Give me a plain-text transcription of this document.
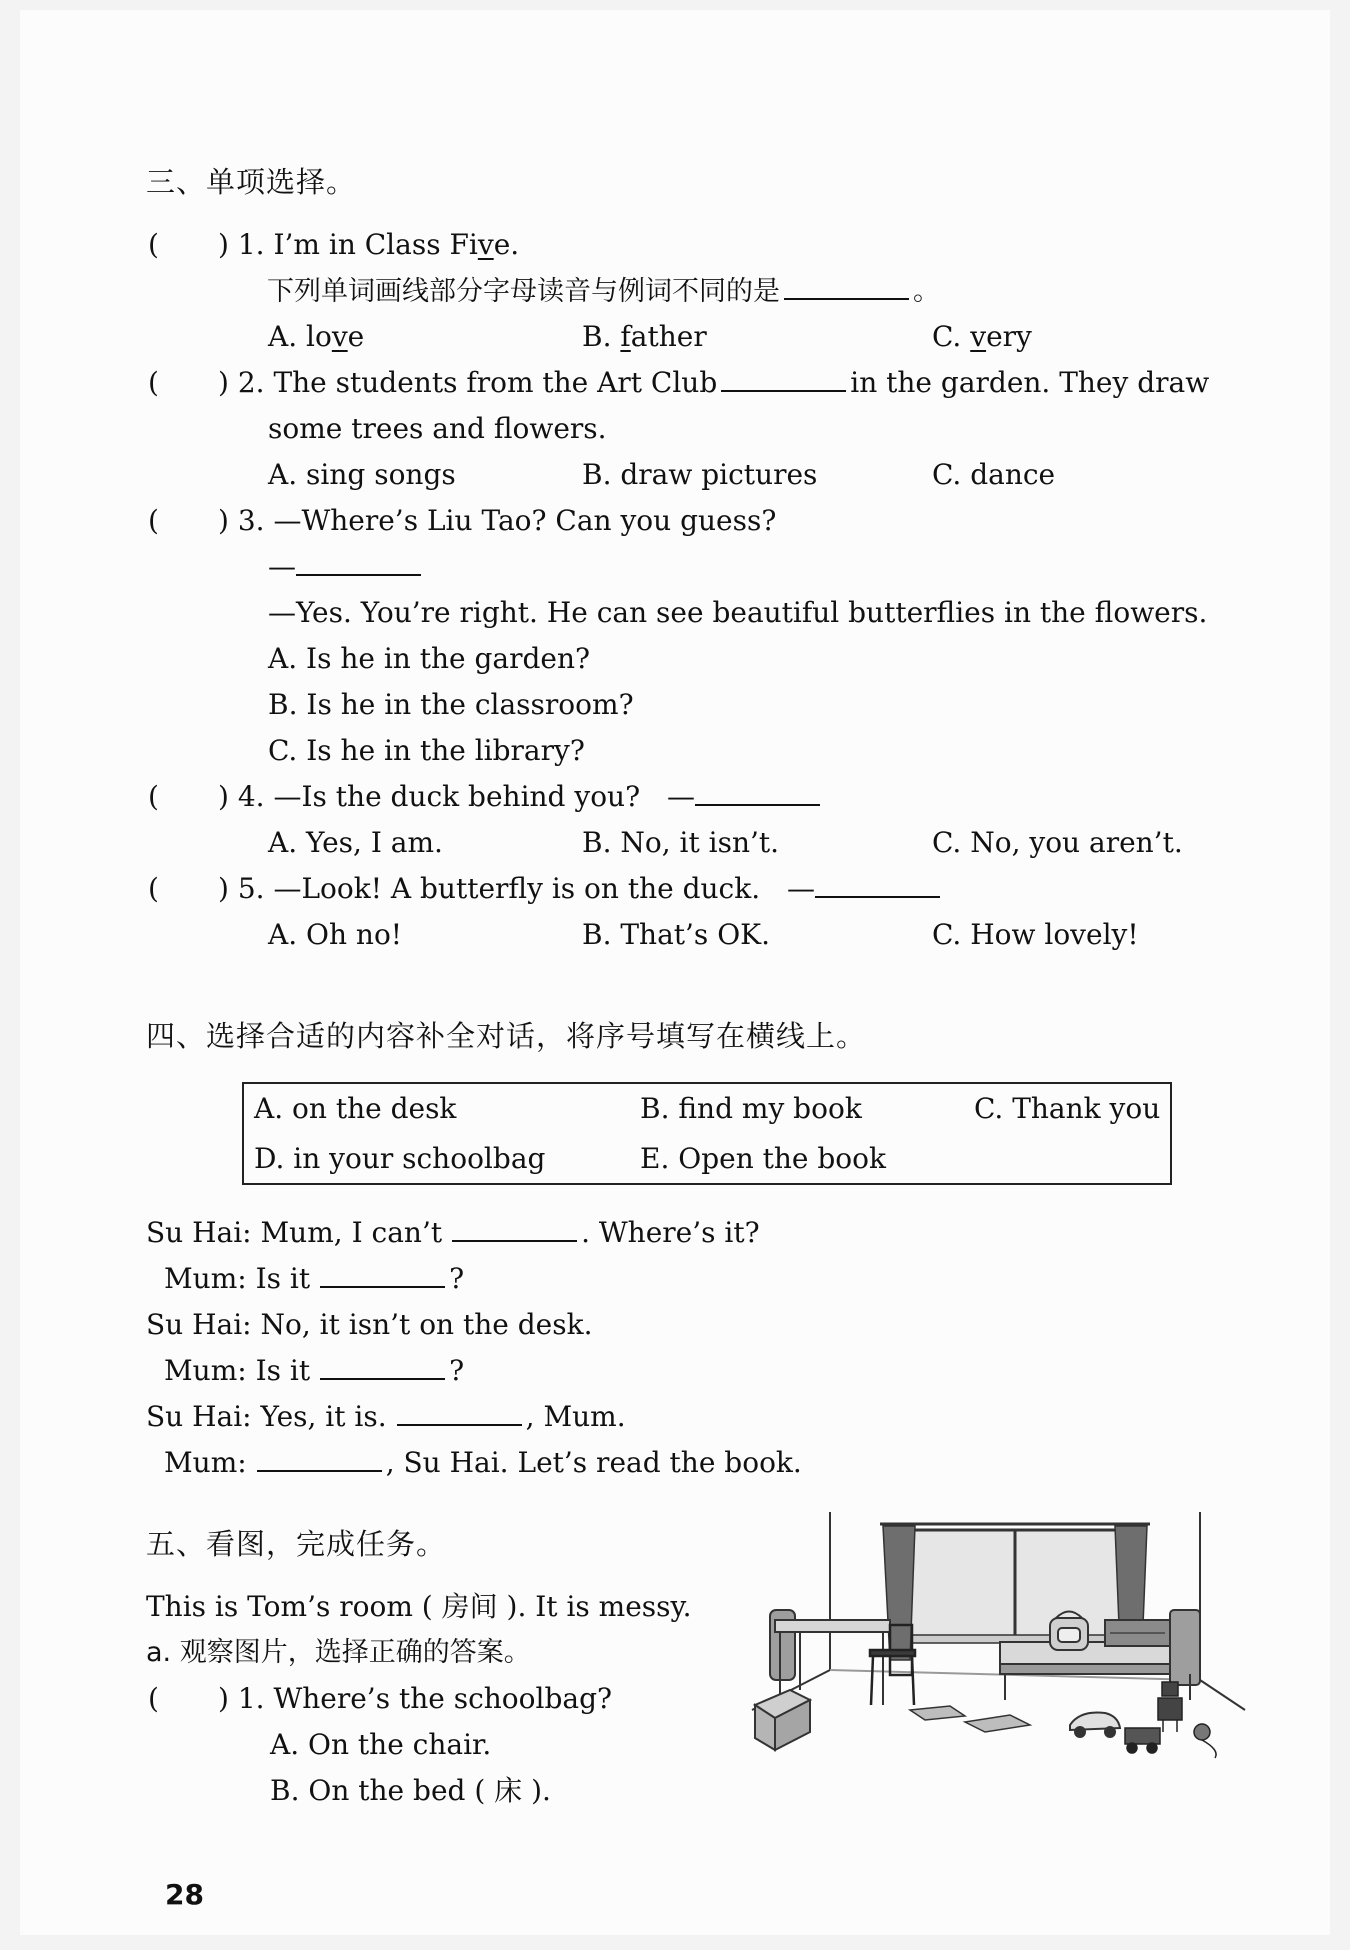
三、单项选择。
( ) 1. I’m in Class Five.
下列单词画线部分字母读音与例词不同的是	。
A. love	B. father	C. very
( ) 2. The students from the Art Club	in the garden. They draw
some trees and flowers.
A. sing songs	B. draw pictures	C. dance
( ) 3. —Where’s Liu Tao? Can you guess?
—
—Yes. You’re right. He can see beautiful butterflies in the flowers.
A. Is he in the garden?
B. Is he in the classroom?
C. Is he in the library?
( ) 4. —Is the duck behind you? —
A. Yes, I am.	B. No, it isn’t.	C. No, you aren’t.
( ) 5. —Look! A butterfly is on the duck. —
A. Oh no!	B. That’s OK.	C. How lovely!
四、选择合适的内容补全对话，将序号填写在横线上。
A. on the desk	B. find my book	C. Thank you
D. in your schoolbag	E. Open the book
Su Hai: Mum, I can’t	. Where’s it?
Mum: Is it	?
Su Hai: No, it isn’t on the desk.
Mum: Is it	?
Su Hai: Yes, it is.	, Mum.
Mum:	, Su Hai. Let’s read the book.
五、看图，完成任务。
This is Tom’s room ( 房间 ). It is messy.
a. 观察图片，选择正确的答案。
( ) 1. Where’s the schoolbag?
A. On the chair.
B. On the bed ( 床 ).
28
